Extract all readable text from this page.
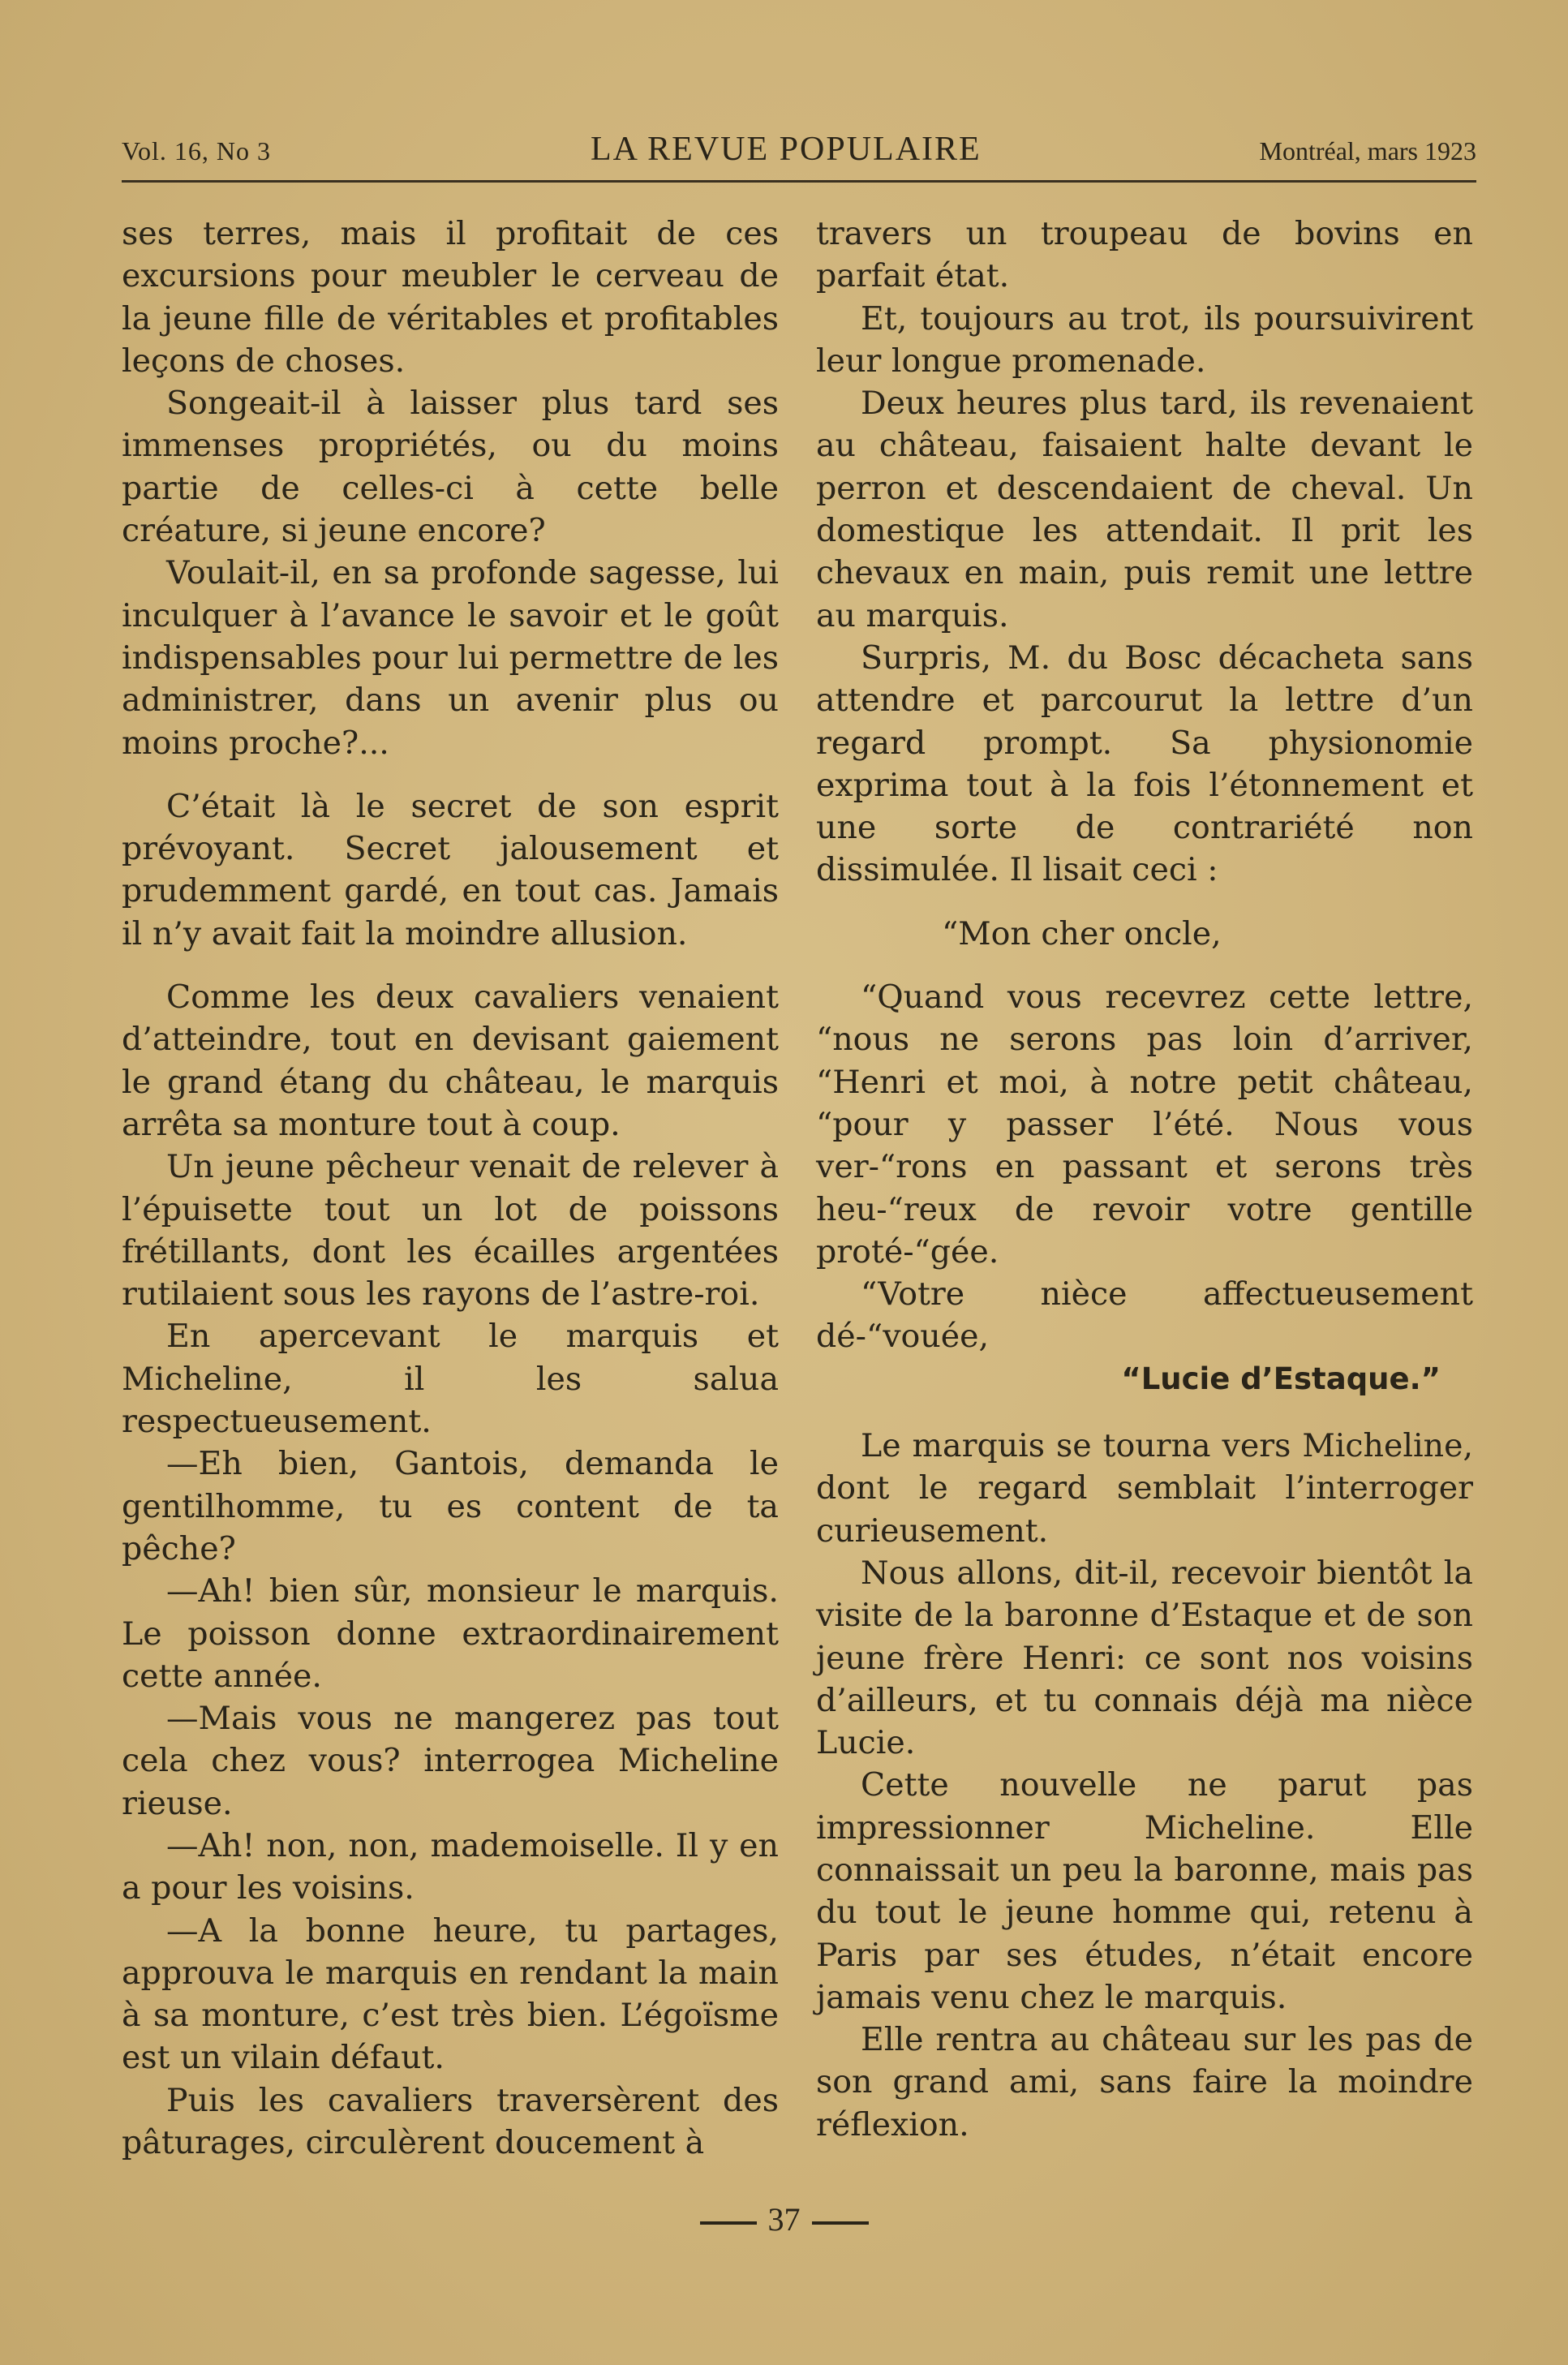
Vol. 16, No 3	LA REVUE POPULAIRE	Montréal, mars 1923

ses terres, mais il profitait de ces excursions pour meubler le cerveau de la jeune fille de véritables et profitables leçons de choses.

Songeait-il à laisser plus tard ses immenses propriétés, ou du moins partie de celles-ci à cette belle créature, si jeune encore?

Voulait-il, en sa profonde sagesse, lui inculquer à l’avance le savoir et le goût indispensables pour lui permettre de les administrer, dans un avenir plus ou moins proche?...

C’était là le secret de son esprit prévoyant. Secret jalousement et prudemment gardé, en tout cas. Jamais il n’y avait fait la moindre allusion.

Comme les deux cavaliers venaient d’atteindre, tout en devisant gaiement le grand étang du château, le marquis arrêta sa monture tout à coup.

Un jeune pêcheur venait de relever à l’épuisette tout un lot de poissons frétillants, dont les écailles argentées rutilaient sous les rayons de l’astre-roi.

En apercevant le marquis et Micheline, il les salua respectueusement.

—Eh bien, Gantois, demanda le gentilhomme, tu es content de ta pêche?

—Ah! bien sûr, monsieur le marquis. Le poisson donne extraordinairement cette année.

—Mais vous ne mangerez pas tout cela chez vous? interrogea Micheline rieuse.

—Ah! non, non, mademoiselle. Il y en a pour les voisins.

—A la bonne heure, tu partages, approuva le marquis en rendant la main à sa monture, c’est très bien. L’égoïsme est un vilain défaut.

Puis les cavaliers traversèrent des pâturages, circulèrent doucement à

travers un troupeau de bovins en parfait état.

Et, toujours au trot, ils poursuivirent leur longue promenade.

Deux heures plus tard, ils revenaient au château, faisaient halte devant le perron et descendaient de cheval. Un domestique les attendait. Il prit les chevaux en main, puis remit une lettre au marquis.

Surpris, M. du Bosc décacheta sans attendre et parcourut la lettre d’un regard prompt. Sa physionomie exprima tout à la fois l’étonnement et une sorte de contrariété non dissimulée. Il lisait ceci :

“Mon cher oncle,

“Quand vous recevrez cette lettre, “nous ne serons pas loin d’arriver, “Henri et moi, à notre petit château, “pour y passer l’été. Nous vous ver-“rons en passant et serons très heu-“reux de revoir votre gentille proté-“gée.

“Votre nièce affectueusement dé-“vouée,

“Lucie d’Estaque.”

Le marquis se tourna vers Micheline, dont le regard semblait l’interroger curieusement.

Nous allons, dit-il, recevoir bientôt la visite de la baronne d’Estaque et de son jeune frère Henri: ce sont nos voisins d’ailleurs, et tu connais déjà ma nièce Lucie.

Cette nouvelle ne parut pas impressionner Micheline. Elle connaissait un peu la baronne, mais pas du tout le jeune homme qui, retenu à Paris par ses études, n’était encore jamais venu chez le marquis.

Elle rentra au château sur les pas de son grand ami, sans faire la moindre réflexion.

37
